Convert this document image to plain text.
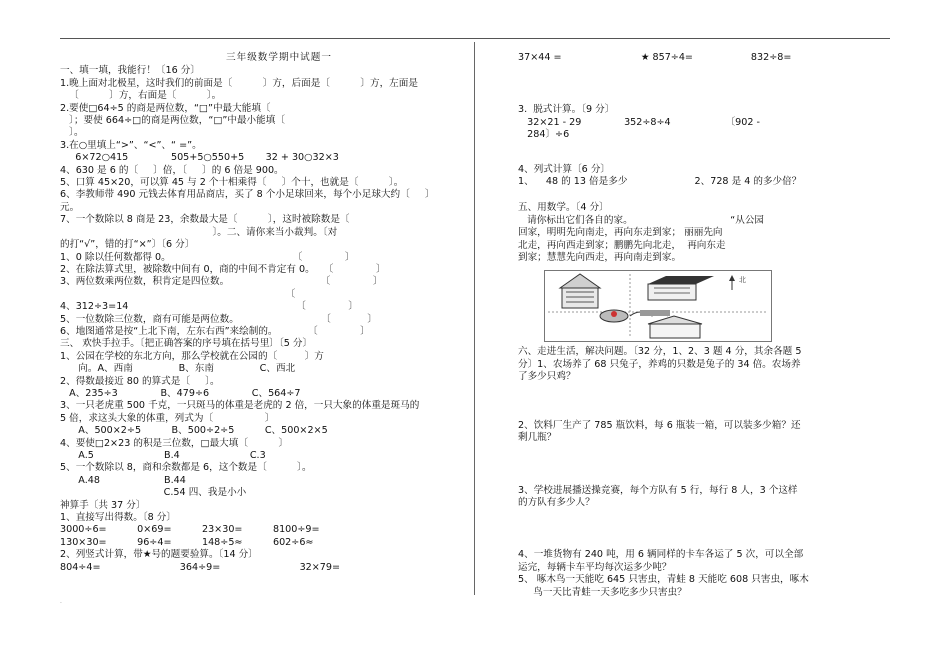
三年级数学期中试题一
一、填一填，我能行！〔16 分〕
1.晚上面对北极星，这时我们的前面是〔          〕方，后面是〔          〕方，左面是
〔          〕方，右面是〔          〕。
2.要使□64÷5 的商是两位数，“□”中最大能填〔
〕；要使 664÷□的商是两位数，“□”中最小能填〔
〕。
3.在○里填上“>”、“<”、“ =”。
6×72○415              505+5○550+5       32 + 30○32×3
4、630 是 6 的〔     〕倍，〔     〕的 6 倍是 900。
5、口算 45×20，可以算 45 与 2 个十相乘得〔     〕个十，也就是〔          〕。
6、李教师带 490 元钱去体育用品商店，买了 8 个小足球回来，每个小足球大约〔     〕
元。
7、一个数除以 8 商是 23，余数最大是〔          〕，这时被除数是〔
〕。二、请你来当小裁判。〔对
的打“√”，错的打“×”〕〔6 分〕
1、0 除以任何数都得 0。                                        〔              〕
2、在除法算式里，被除数中间有 0，商的中间不肯定有 0。   〔              〕
3、两位数乘两位数，积肯定是四位数。                              〔              〕
〔
4、312÷3=14                                                       〔              〕
5、一位数除三位数，商有可能是两位数。                           〔            〕
6、地图通常是按“上北下南，左东右西”来绘制的。          〔              〕
三、 欢快手拉手。〔把正确答案的序号填在括号里〕〔5 分〕
1、公园在学校的东北方向，那么学校就在公园的〔         〕方
向。A、西南               B、东南               C、西北
2、得数最接近 80 的算式是〔     〕。
A、235÷3              B、479÷6              C、564÷7
3、一只老虎重 500 千克，一只斑马的体重是老虎的 2 倍，一只大象的体重是斑马的
5 倍，求这头大象的体重，列式为〔                 〕
A、500×2÷5          B、500÷2÷5          C、500×2×5
4、要使□2×23 的积是三位数，□最大填〔          〕
A.5                       B.4                       C.3
5、一个数除以 8，商和余数都是 6，这个数是〔          〕。
A.48                     B.44
C.54 四、我是小小
神算手〔共 37 分〕
1、直接写出得数。〔8 分〕
3000÷6=          0×69=          23×30=          8100÷9=
130×30=          96÷4=          148÷5≈          602÷6≈
2、列竖式计算，带★号的题要验算。〔14 分〕
804÷4=                          364÷9=                          32×79=
37×44 =                          ★ 857÷4=                   832÷8=
3.  脱式计算。〔9 分〕
32×21 - 29              352÷8÷4                  〔902 -
284〕÷6
4、列式计算〔6 分〕
1、    48 的 13 倍是多少                      2、728 是 4 的多少倍？
五、用数学。〔4 分〕
请你标出它们各自的家。                                “从公园
回家，明明先向南走，再向东走到家； 丽丽先向
北走，再向西走到家；鹏鹏先向北走，  再向东走
到家；慧慧先向西走，再向南走到家。
北
六、走进生活，解决问题。〔32 分，1、2、3 题 4 分，其余各题 5
分〕1、农场养了 68 只兔子，养鸡的只数是兔子的 34 倍。农场养
了多少只鸡？
2、饮料厂生产了 785 瓶饮料，每 6 瓶装一箱，可以装多少箱？还
剩几瓶？
3、学校进展播送操竞赛，每个方队有 5 行，每行 8 人，3 个这样
的方队有多少人？
4、一堆货物有 240 吨，用 6 辆同样的卡车各运了 5 次，可以全部
运完，每辆卡车平均每次运多少吨？
5、 啄木鸟一天能吃 645 只害虫，青蛙 8 天能吃 608 只害虫，啄木
鸟一天比青蛙一天多吃多少只害虫？
.
